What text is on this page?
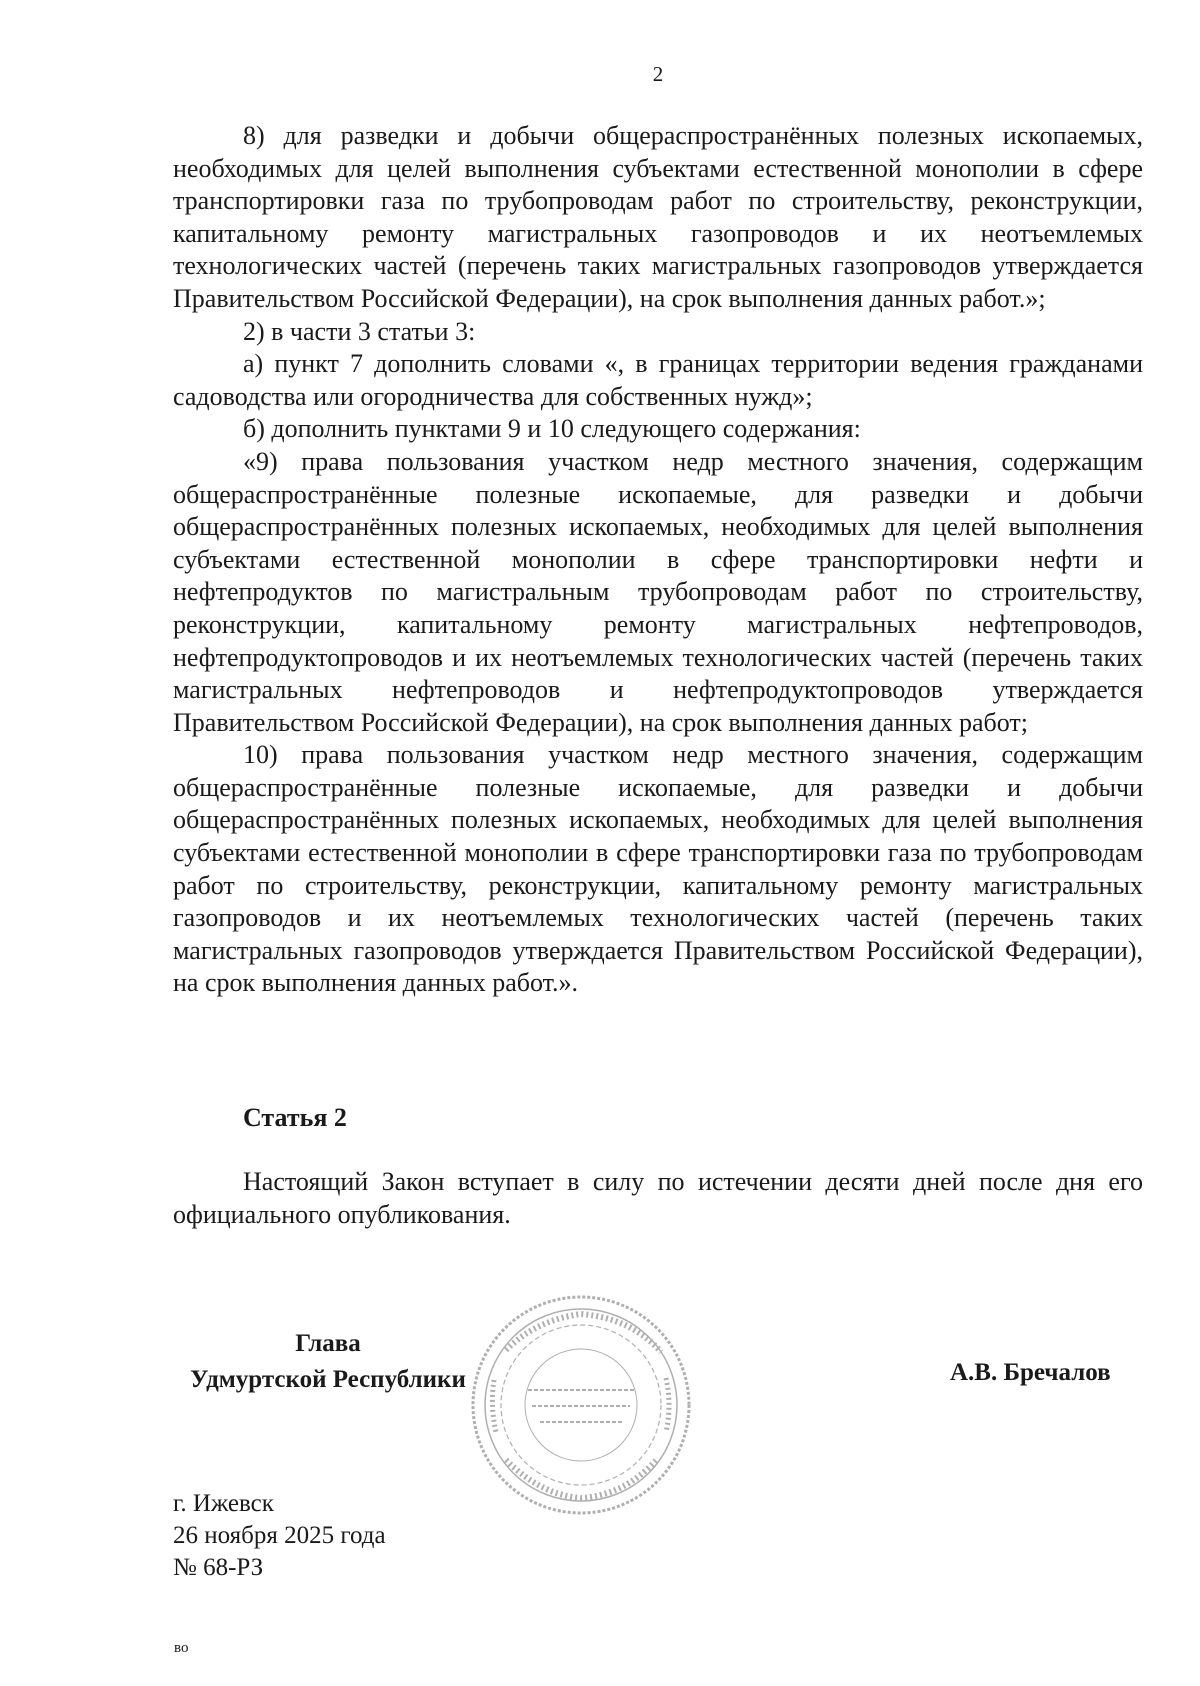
2

8) для разведки и добычи общераспространённых полезных ископаемых, необходимых для целей выполнения субъектами естественной монополии в сфере транспортировки газа по трубопроводам работ по строительству, реконструкции, капитальному ремонту магистральных газопроводов и их неотъемлемых технологических частей (перечень таких магистральных газопроводов утверждается Правительством Российской Федерации), на срок выполнения данных работ.»;

2) в части 3 статьи 3:

а) пункт 7 дополнить словами «, в границах территории ведения гражданами садоводства или огородничества для собственных нужд»;

б) дополнить пунктами 9 и 10 следующего содержания:

«9) права пользования участком недр местного значения, содержащим общераспространённые полезные ископаемые, для разведки и добычи общераспространённых полезных ископаемых, необходимых для целей выполнения субъектами естественной монополии в сфере транспортировки нефти и нефтепродуктов по магистральным трубопроводам работ по строительству, реконструкции, капитальному ремонту магистральных нефтепроводов, нефтепродуктопроводов и их неотъемлемых технологических частей (перечень таких магистральных нефтепроводов и нефтепродуктопроводов утверждается Правительством Российской Федерации), на срок выполнения данных работ;

10) права пользования участком недр местного значения, содержащим общераспространённые полезные ископаемые, для разведки и добычи общераспространённых полезных ископаемых, необходимых для целей выполнения субъектами естественной монополии в сфере транспортировки газа по трубопроводам работ по строительству, реконструкции, капитальному ремонту магистральных газопроводов и их неотъемлемых технологических частей (перечень таких магистральных газопроводов утверждается Правительством Российской Федерации), на срок выполнения данных работ.».

Статья 2

Настоящий Закон вступает в силу по истечении десяти дней после дня его официального опубликования.

Глава
Удмуртской Республики	А.В. Бречалов
г. Ижевск
26 ноября 2025 года
№ 68-РЗ
во
